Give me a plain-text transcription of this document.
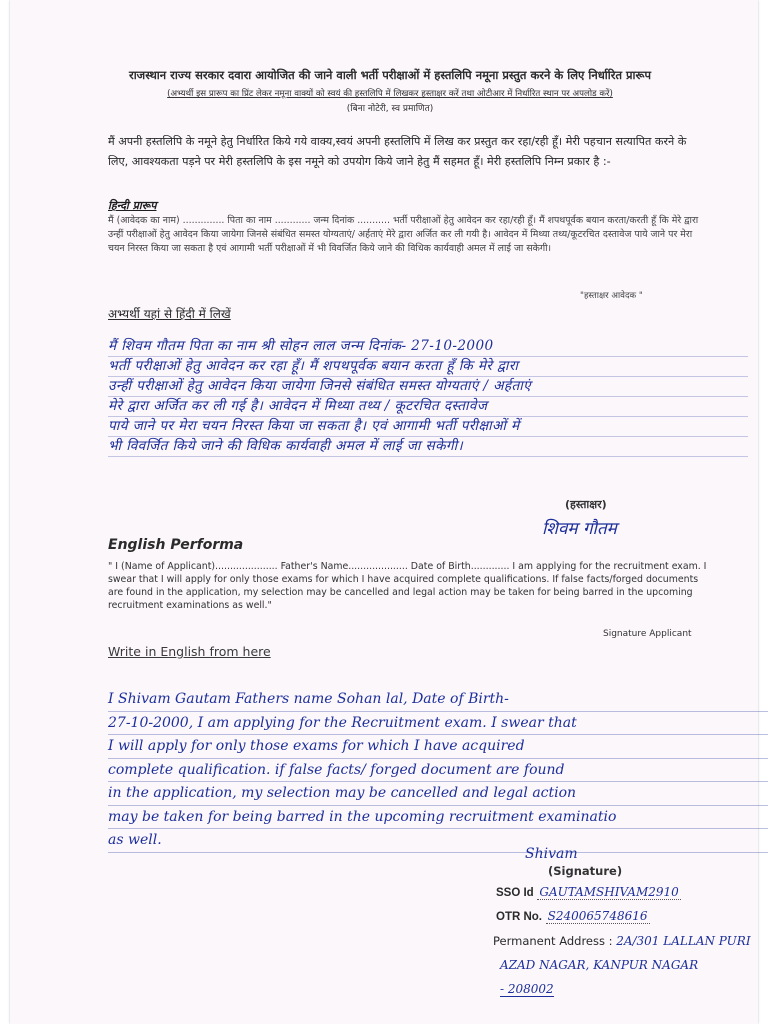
राजस्थान राज्य सरकार दवारा आयोजित की जाने वाली भर्ती परीक्षाओं में हस्तलिपि नमूना प्रस्तुत करने के लिए निर्धारित प्रारूप
(अभ्यर्थी इस प्रारूप का प्रिंट लेकर नमूना वाक्यों को स्वयं की हस्तलिपि में लिखकर हस्ताक्षर करें तथा ओटीआर में निर्धारित स्थान पर अपलोड करें)
(बिना नोटेरी, स्व प्रमाणित)
मैं अपनी हस्तलिपि के नमूने हेतु निर्धारित किये गये वाक्य,स्वयं अपनी हस्तलिपि में लिख कर प्रस्तुत कर रहा/रही हूँ। मेरी पहचान सत्यापित करने के लिए, आवश्यकता पड़ने पर मेरी हस्तलिपि के इस नमूने को उपयोग किये जाने हेतु मैं सहमत हूँ। मेरी हस्तलिपि निम्न प्रकार है :-
हिन्दी प्रारूप
मैं (आवेदक का नाम) .............. पिता का नाम ............ जन्म दिनांक ........... भर्ती परीक्षाओं हेतु आवेदन कर रहा/रही हूँ। मैं शपथपूर्वक बयान करता/करती हूँ कि मेरे द्वारा उन्हीं परीक्षाओं हेतु आवेदन किया जायेगा जिनसे संबंधित समस्त योग्यताएं/ अर्हताएं मेरे द्वारा अर्जित कर ली गयी है। आवेदन में मिथ्या तथ्य/कूटरचित दस्तावेज पाये जाने पर मेरा चयन निरस्त किया जा सकता है एवं आगामी भर्ती परीक्षाओं में भी विवर्जित किये जाने की विधिक कार्यवाही अमल में लाई जा सकेगी।
"हस्ताक्षर आवेदक "
अभ्यर्थी यहां से हिंदी में लिखें
मैं शिवम गौतम पिता का नाम श्री सोहन लाल जन्म दिनांक- 27-10-2000
भर्ती परीक्षाओं हेतु आवेदन कर रहा हूँ। मैं शपथपूर्वक बयान करता हूँ कि मेरे द्वारा
उन्हीं परीक्षाओं हेतु आवेदन किया जायेगा जिनसे संबंधित समस्त योग्यताएं / अर्हताएं
मेरे द्वारा अर्जित कर ली गई है। आवेदन में मिथ्या तथ्य / कूटरचित दस्तावेज
पाये जाने पर मेरा चयन निरस्त किया जा सकता है। एवं आगामी भर्ती परीक्षाओं में
भी विवर्जित किये जाने की विधिक कार्यवाही अमल में लाई जा सकेगी।
(हस्ताक्षर)
शिवम गौतम
English Performa
" I (Name of Applicant)..................... Father's Name.................... Date of Birth............. I am applying for the recruitment exam. I swear that I will apply for only those exams for which I have acquired complete qualifications. If false facts/forged documents are found in the application, my selection may be cancelled and legal action may be taken for being barred in the upcoming recruitment examinations as well."
Signature Applicant
Write in English from here
I Shivam Gautam Fathers name Sohan lal, Date of Birth-
27-10-2000, I am applying for the Recruitment exam. I swear that
I will apply for only those exams for which I have acquired
complete qualification. if false facts/ forged document are found
in the application, my selection may be cancelled and legal action
may be taken for being barred in the upcoming recruitment examinatio
as well.
Shivam
(Signature)
SSO Id GAUTAMSHIVAM2910
OTR No. S240065748616
Permanent Address : 2A/301 LALLAN PURI
AZAD NAGAR, KANPUR NAGAR
- 208002
